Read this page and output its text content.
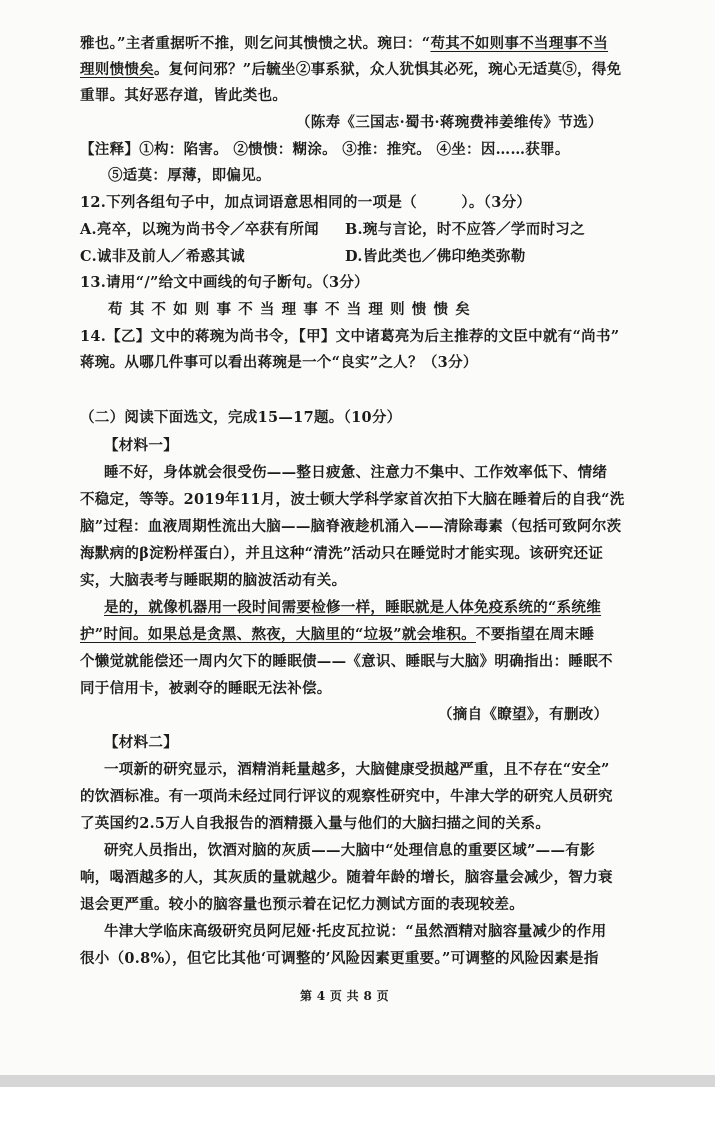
雅也。”主者重据听不推，则乞问其愦愦之状。琬曰：“苟其不如则事不当理事不当
理则愦愦矣。复何问邪？”后毓坐②事系狱，众人犹惧其必死，琬心无适莫⑤，得免
重罪。其好恶存道，皆此类也。
（陈寿《三国志·蜀书·蒋琬费祎姜维传》节选）
【注释】①构：陷害。 ②愦愦：糊涂。 ③推：推究。 ④坐：因……获罪。
⑤适莫：厚薄，即偏见。
12.下列各组句子中，加点词语意思相同的一项是（　　　）。（3分）
A.亮卒，以琬为尚书令／卒获有所闻 B.琬与言论，时不应答／学而时习之
C.诚非及前人／希惑其诚	D.皆此类也／佛印绝类弥勒
13.请用“/”给文中画线的句子断句。（3分）
苟其不如则事不当理事不当理则愦愦矣
14.【乙】文中的蒋琬为尚书令，【甲】文中诸葛亮为后主推荐的文臣中就有“尚书”
蒋琬。从哪几件事可以看出蒋琬是一个“良实”之人？（3分）
（二）阅读下面选文，完成15—17题。（10分）
【材料一】
睡不好，身体就会很受伤——整日疲惫、注意力不集中、工作效率低下、情绪
不稳定，等等。2019年11月，波士顿大学科学家首次拍下大脑在睡着后的自我“洗
脑”过程：血液周期性流出大脑——脑脊液趁机涌入——清除毒素（包括可致阿尔茨
海默病的β淀粉样蛋白），并且这种“清洗”活动只在睡觉时才能实现。该研究还证
实，大脑表考与睡眠期的脑波活动有关。
是的，就像机器用一段时间需要检修一样，睡眠就是人体免疫系统的“系统维
护”时间。如果总是贪黑、熬夜，大脑里的“垃圾”就会堆积。不要指望在周末睡
个懒觉就能偿还一周内欠下的睡眠债——《意识、睡眠与大脑》明确指出：睡眠不
同于信用卡，被剥夺的睡眠无法补偿。
（摘自《瞭望》，有删改）
【材料二】
一项新的研究显示，酒精消耗量越多，大脑健康受损越严重，且不存在“安全”
的饮酒标准。有一项尚未经过同行评议的观察性研究中，牛津大学的研究人员研究
了英国约2.5万人自我报告的酒精摄入量与他们的大脑扫描之间的关系。
研究人员指出，饮酒对脑的灰质——大脑中“处理信息的重要区域”——有影
响，喝酒越多的人，其灰质的量就越少。随着年龄的增长，脑容量会减少，智力衰
退会更严重。较小的脑容量也预示着在记忆力测试方面的表现较差。
牛津大学临床高级研究员阿尼娅·托皮瓦拉说：“虽然酒精对脑容量减少的作用
很小（0.8%），但它比其他‘可调整的’风险因素更重要。”可调整的风险因素是指
第 4 页 共 8 页
